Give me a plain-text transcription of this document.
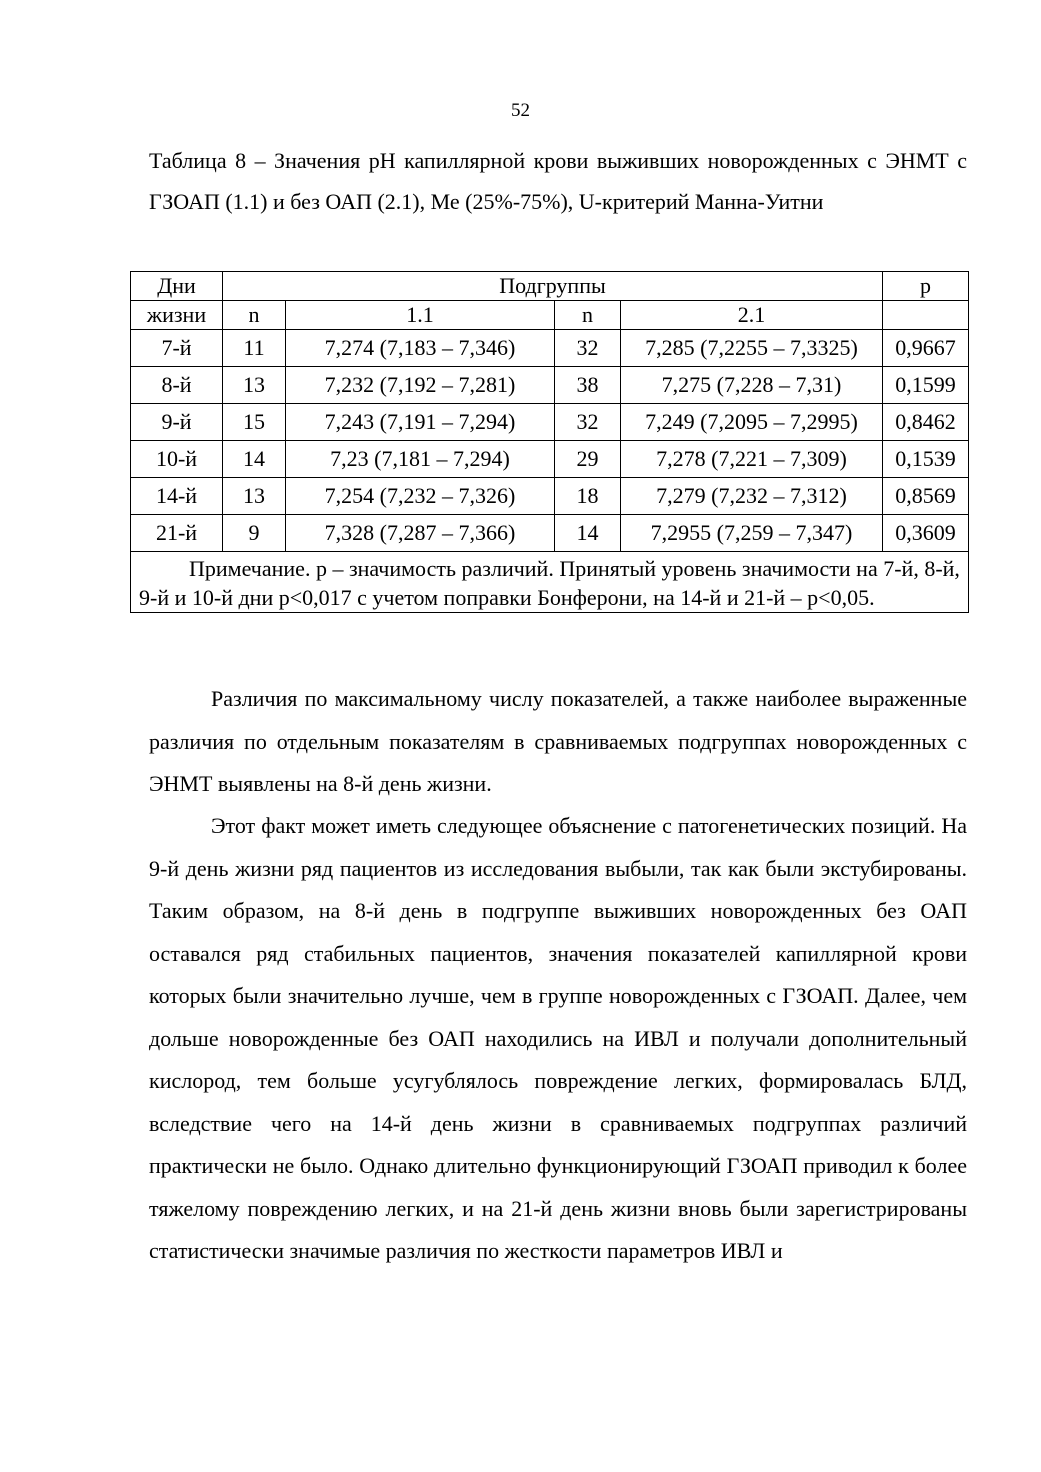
52
Таблица 8 – Значения рН капиллярной крови выживших новорожденных с ЭНМТ с ГЗОАП (1.1) и без ОАП (2.1), Ме (25%-75%), U-критерий Манна-Уитни
Дни	Подгруппы				р
жизни	n	1.1	n	2.1	
7-й	11	7,274 (7,183 – 7,346)	32	7,285 (7,2255 – 7,3325)	0,9667
8-й	13	7,232 (7,192 – 7,281)	38	7,275 (7,228 – 7,31)	0,1599
9-й	15	7,243 (7,191 – 7,294)	32	7,249 (7,2095 – 7,2995)	0,8462
10-й	14	7,23 (7,181 – 7,294)	29	7,278 (7,221 – 7,309)	0,1539
14-й	13	7,254 (7,232 – 7,326)	18	7,279 (7,232 – 7,312)	0,8569
21-й	9	7,328 (7,287 – 7,366)	14	7,2955 (7,259 – 7,347)	0,3609
Примечание. р – значимость различий. Принятый уровень значимости на 7-й, 8-й, 9-й и 10-й дни р<0,017 с учетом поправки Бонферони, на 14-й и 21-й – р<0,05.					

Различия по максимальному числу показателей, а также наиболее выраженные различия по отдельным показателям в сравниваемых подгруппах новорожденных с ЭНМТ выявлены на 8-й день жизни.

Этот факт может иметь следующее объяснение с патогенетических позиций. На 9-й день жизни ряд пациентов из исследования выбыли, так как были экстубированы. Таким образом, на 8-й день в подгруппе выживших новорожденных без ОАП оставался ряд стабильных пациентов, значения показателей капиллярной крови которых были значительно лучше, чем в группе новорожденных с ГЗОАП. Далее, чем дольше новорожденные без ОАП находились на ИВЛ и получали дополнительный кислород, тем больше усугублялось повреждение легких, формировалась БЛД, вследствие чего на 14-й день жизни в сравниваемых подгруппах различий практически не было. Однако длительно функционирующий ГЗОАП приводил к более тяжелому повреждению легких, и на 21-й день жизни вновь были зарегистрированы статистически значимые различия по жесткости параметров ИВЛ и
